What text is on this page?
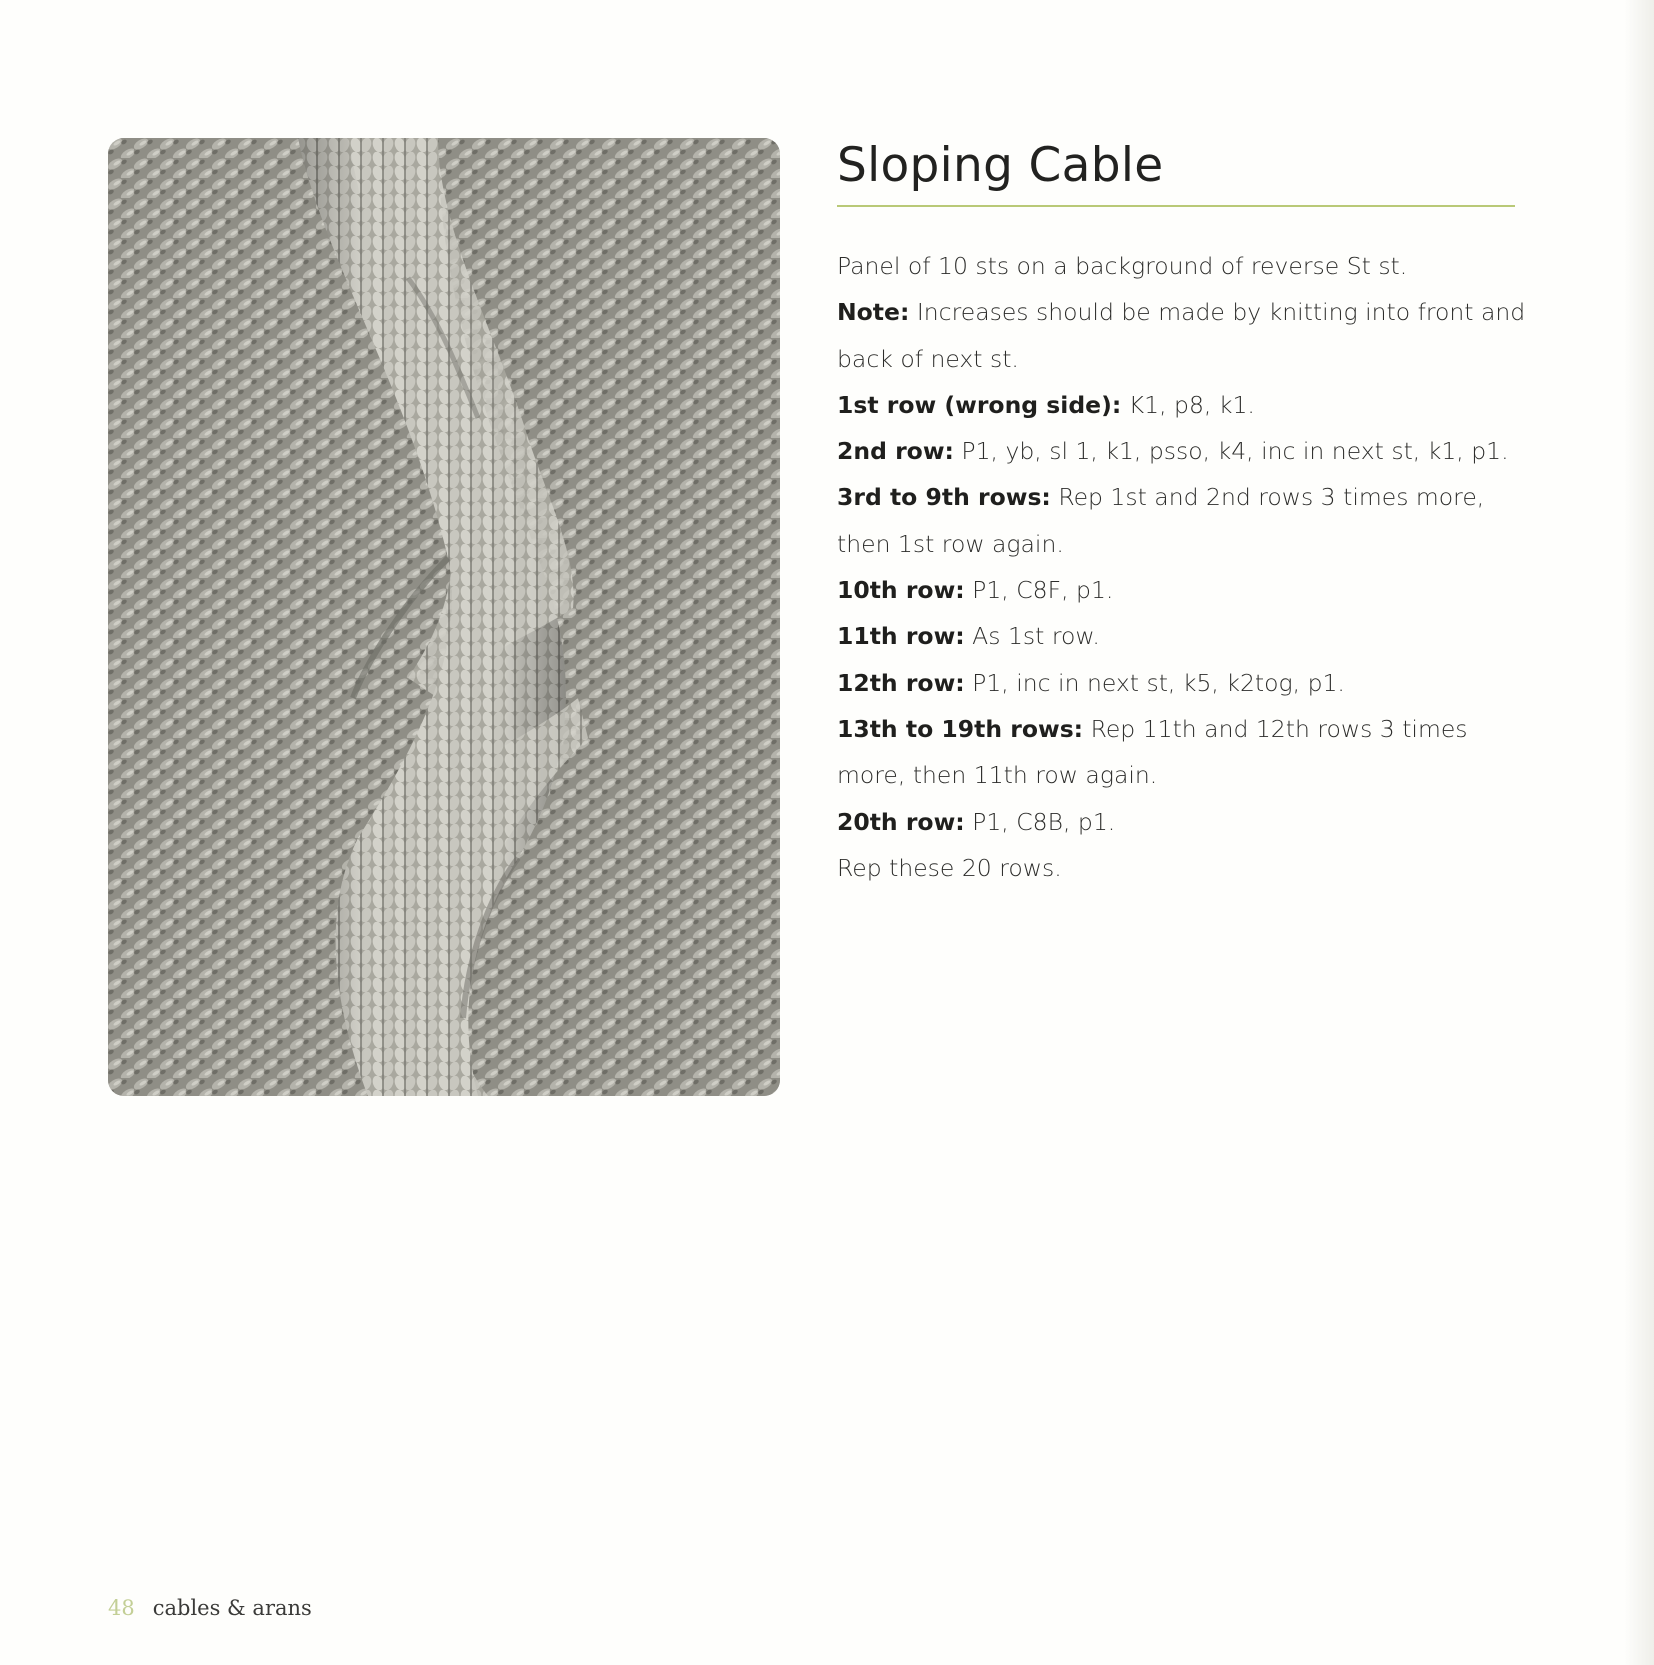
Sloping Cable

Panel of 10 sts on a background of reverse St st.

Note: Increases should be made by knitting into front and back of next st.

1st row (wrong side): K1, p8, k1.

2nd row: P1, yb, sl 1, k1, psso, k4, inc in next st, k1, p1.

3rd to 9th rows: Rep 1st and 2nd rows 3 times more, then 1st row again.

10th row: P1, C8F, p1.

11th row: As 1st row.

12th row: P1, inc in next st, k5, k2tog, p1.

13th to 19th rows: Rep 11th and 12th rows 3 times more, then 11th row again.

20th row: P1, C8B, p1.

Rep these 20 rows.

48 cables & arans
